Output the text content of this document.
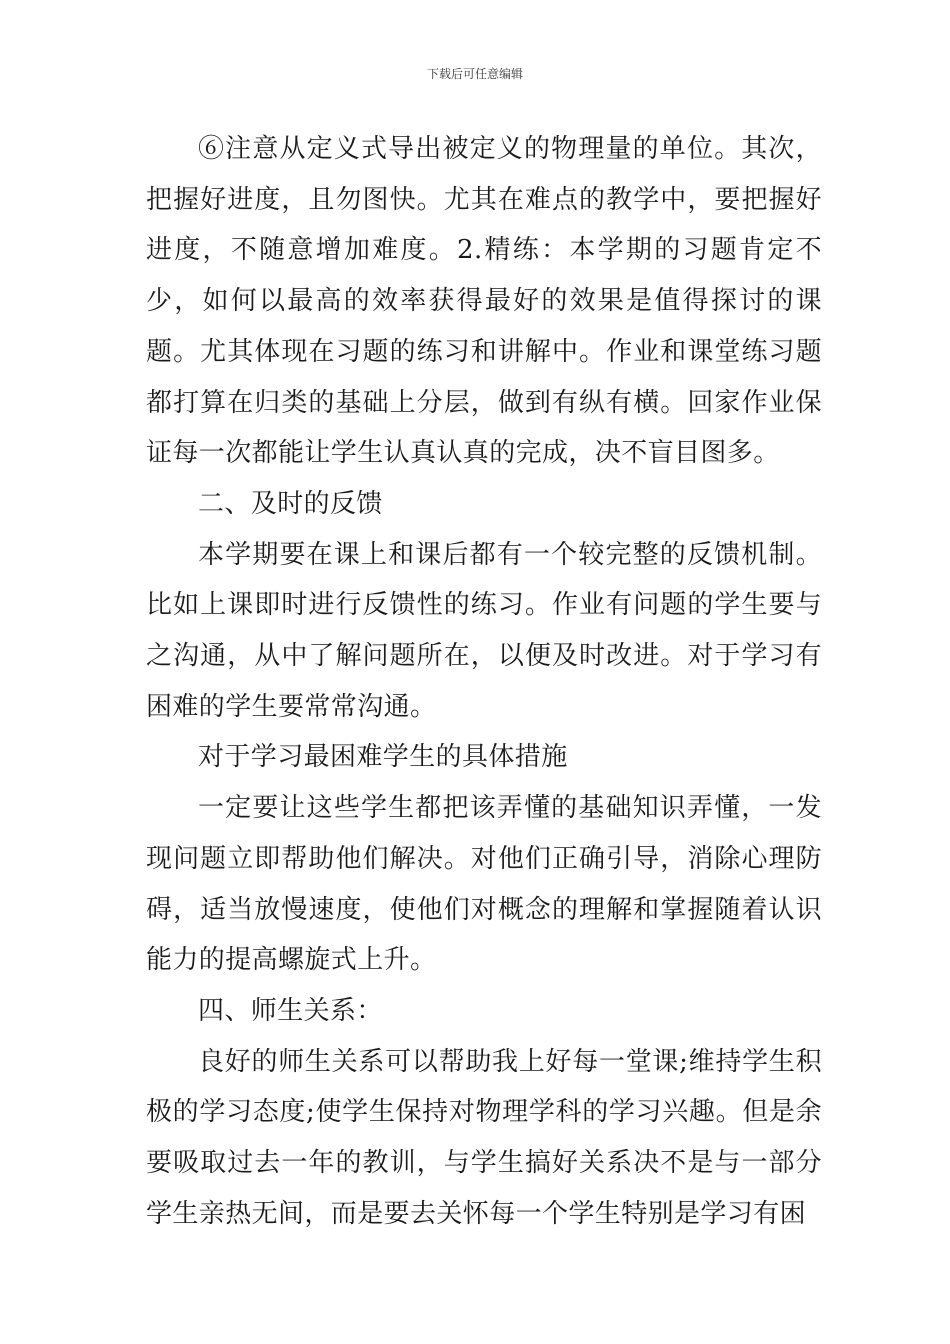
下载后可任意编辑

⑥注意从定义式导出被定义的物理量的单位。其次，把握好进度，且勿图快。尤其在难点的教学中，要把握好进度，不随意增加难度。2.精练：本学期的习题肯定不少，如何以最高的效率获得最好的效果是值得探讨的课题。尤其体现在习题的练习和讲解中。作业和课堂练习题都打算在归类的基础上分层，做到有纵有横。回家作业保证每一次都能让学生认真认真的完成，决不盲目图多。

二、及时的反馈

本学期要在课上和课后都有一个较完整的反馈机制。比如上课即时进行反馈性的练习。作业有问题的学生要与之沟通，从中了解问题所在，以便及时改进。对于学习有困难的学生要常常沟通。

对于学习最困难学生的具体措施

一定要让这些学生都把该弄懂的基础知识弄懂，一发现问题立即帮助他们解决。对他们正确引导，消除心理防碍，适当放慢速度，使他们对概念的理解和掌握随着认识能力的提高螺旋式上升。

四、师生关系：

良好的师生关系可以帮助我上好每一堂课;维持学生积极的学习态度;使学生保持对物理学科的学习兴趣。但是余要吸取过去一年的教训，与学生搞好关系决不是与一部分学生亲热无间，而是要去关怀每一个学生特别是学习有困
